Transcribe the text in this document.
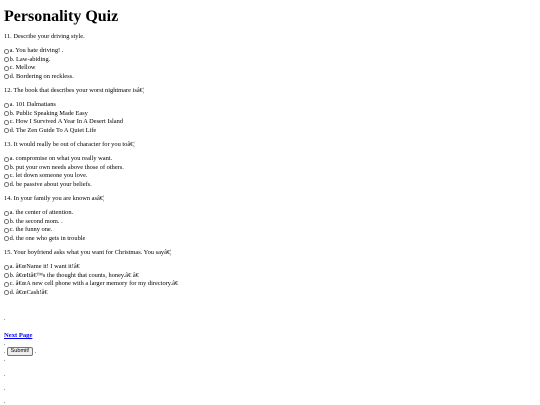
Personality Quiz
11. Describe your driving style.
a. You hate driving! .
b. Law-abiding.
c. Mellow
d. Bordering on reckless.
12. The book that describes your worst nightmare isâ€¦
a. 101 Dalmatians
b. Public Speaking Made Easy
c. How I Survived A Year In A Desert Island
d. The Zen Guide To A Quiet Life
13. It would really be out of character for you toâ€¦
a. compromise on what you really want.
b. put your own needs above those of others.
c. let down someone you love.
d. be passive about your beliefs.
14. In your family you are known asâ€¦
a. the center of attention.
b. the second mom. .
c. the funny one.
d. the one who gets in trouble
15. Your boyfriend asks what you want for Christmas. You sayâ€¦
a. â€œName it! I want it!â€
b. â€œItâ€™s the thought that counts, honey.â€ â€
c. â€œA new cell phone with a larger memory for my directory.â€
d. â€œCash!â€
.
Next Page
.
. Submit! .
.
.
.
.
